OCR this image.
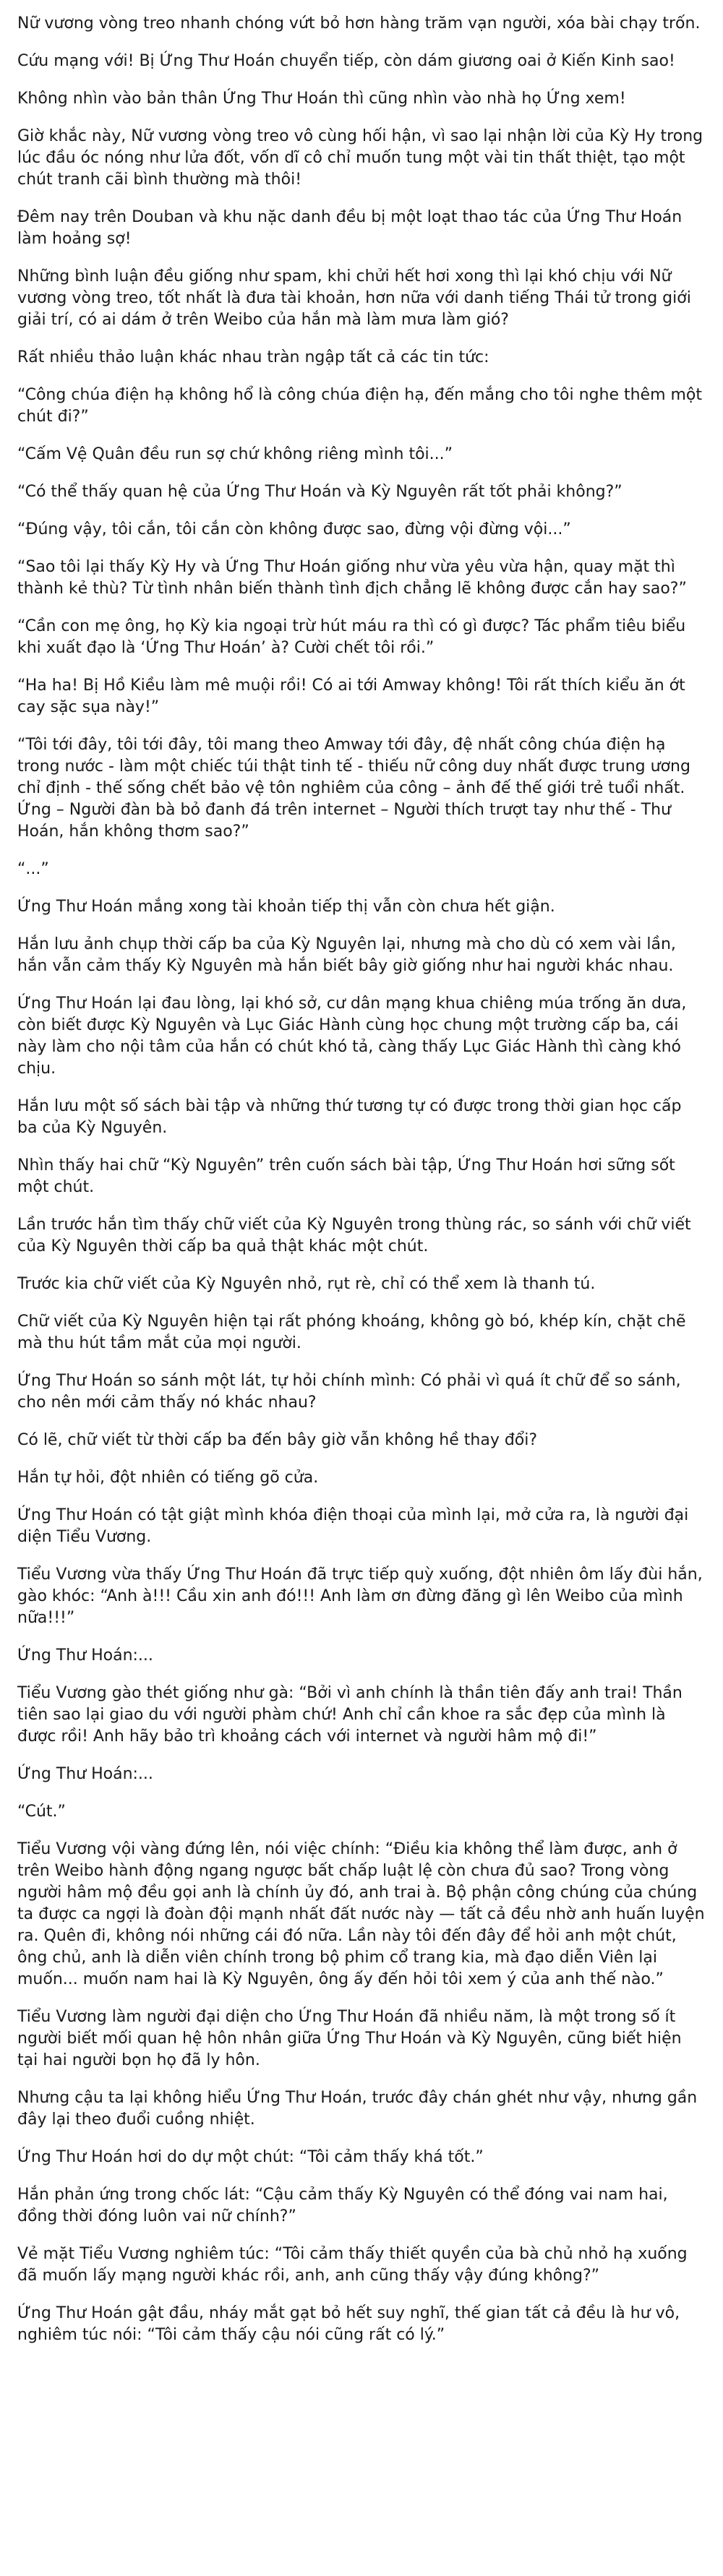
Nữ vương vòng treo nhanh chóng vứt bỏ hơn hàng trăm vạn người, xóa bài chạy trốn.

Cứu mạng với! Bị Ứng Thư Hoán chuyển tiếp, còn dám giương oai ở Kiến Kinh sao!

Không nhìn vào bản thân Ứng Thư Hoán thì cũng nhìn vào nhà họ Ứng xem!

Giờ khắc này, Nữ vương vòng treo vô cùng hối hận, vì sao lại nhận lời của Kỳ Hy trong lúc đầu óc nóng như lửa đốt, vốn dĩ cô chỉ muốn tung một vài tin thất thiệt, tạo một chút tranh cãi bình thường mà thôi!

Đêm nay trên Douban và khu nặc danh đều bị một loạt thao tác của Ứng Thư Hoán làm hoảng sợ!

Những bình luận đều giống như spam, khi chửi hết hơi xong thì lại khó chịu với Nữ vương vòng treo, tốt nhất là đưa tài khoản, hơn nữa với danh tiếng Thái tử trong giới giải trí, có ai dám ở trên Weibo của hắn mà làm mưa làm gió?

Rất nhiều thảo luận khác nhau tràn ngập tất cả các tin tức:

“Công chúa điện hạ không hổ là công chúa điện hạ, đến mắng cho tôi nghe thêm một chút đi?”

“Cấm Vệ Quân đều run sợ chứ không riêng mình tôi...”

“Có thể thấy quan hệ của Ứng Thư Hoán và Kỳ Nguyên rất tốt phải không?”

“Đúng vậy, tôi cắn, tôi cắn còn không được sao, đừng vội đừng vội...”

“Sao tôi lại thấy Kỳ Hy và Ứng Thư Hoán giống như vừa yêu vừa hận, quay mặt thì thành kẻ thù? Từ tình nhân biến thành tình địch chẳng lẽ không được cắn hay sao?”

“Cần con mẹ ông, họ Kỳ kia ngoại trừ hút máu ra thì có gì được? Tác phẩm tiêu biểu khi xuất đạo là ‘Ứng Thư Hoán’ à? Cười chết tôi rồi.”

“Ha ha! Bị Hồ Kiều làm mê muội rồi! Có ai tới Amway không! Tôi rất thích kiểu ăn ớt cay sặc sụa này!”

“Tôi tới đây, tôi tới đây, tôi mang theo Amway tới đây, đệ nhất công chúa điện hạ trong nước - làm một chiếc túi thật tinh tế - thiếu nữ công duy nhất được trung ương chỉ định - thế sống chết bảo vệ tôn nghiêm của công – ảnh đế thế giới trẻ tuổi nhất. Ứng – Người đàn bà bỏ đanh đá trên internet – Người thích trượt tay như thế - Thư Hoán, hắn không thơm sao?”

“...”

Ứng Thư Hoán mắng xong tài khoản tiếp thị vẫn còn chưa hết giận.

Hắn lưu ảnh chụp thời cấp ba của Kỳ Nguyên lại, nhưng mà cho dù có xem vài lần, hắn vẫn cảm thấy Kỳ Nguyên mà hắn biết bây giờ giống như hai người khác nhau.

Ứng Thư Hoán lại đau lòng, lại khó sở, cư dân mạng khua chiêng múa trống ăn dưa, còn biết được Kỳ Nguyên và Lục Giác Hành cùng học chung một trường cấp ba, cái này làm cho nội tâm của hắn có chút khó tả, càng thấy Lục Giác Hành thì càng khó chịu.

Hắn lưu một số sách bài tập và những thứ tương tự có được trong thời gian học cấp ba của Kỳ Nguyên.

Nhìn thấy hai chữ “Kỳ Nguyên” trên cuốn sách bài tập, Ứng Thư Hoán hơi sững sốt một chút.

Lần trước hắn tìm thấy chữ viết của Kỳ Nguyên trong thùng rác, so sánh với chữ viết của Kỳ Nguyên thời cấp ba quả thật khác một chút.

Trước kia chữ viết của Kỳ Nguyên nhỏ, rụt rè, chỉ có thể xem là thanh tú.

Chữ viết của Kỳ Nguyên hiện tại rất phóng khoáng, không gò bó, khép kín, chặt chẽ mà thu hút tầm mắt của mọi người.

Ứng Thư Hoán so sánh một lát, tự hỏi chính mình: Có phải vì quá ít chữ để so sánh, cho nên mới cảm thấy nó khác nhau?

Có lẽ, chữ viết từ thời cấp ba đến bây giờ vẫn không hề thay đổi?

Hắn tự hỏi, đột nhiên có tiếng gõ cửa.

Ứng Thư Hoán có tật giật mình khóa điện thoại của mình lại, mở cửa ra, là người đại diện Tiểu Vương.

Tiểu Vương vừa thấy Ứng Thư Hoán đã trực tiếp quỳ xuống, đột nhiên ôm lấy đùi hắn, gào khóc: “Anh à!!! Cầu xin anh đó!!! Anh làm ơn đừng đăng gì lên Weibo của mình nữa!!!”

Ứng Thư Hoán:...

Tiểu Vương gào thét giống như gà: “Bởi vì anh chính là thần tiên đấy anh trai! Thần tiên sao lại giao du với người phàm chứ! Anh chỉ cần khoe ra sắc đẹp của mình là được rồi! Anh hãy bảo trì khoảng cách với internet và người hâm mộ đi!”

Ứng Thư Hoán:...

“Cút.”

Tiểu Vương vội vàng đứng lên, nói việc chính: “Điều kia không thể làm được, anh ở trên Weibo hành động ngang ngược bất chấp luật lệ còn chưa đủ sao? Trong vòng người hâm mộ đều gọi anh là chính ủy đó, anh trai à. Bộ phận công chúng của chúng ta được ca ngợi là đoàn đội mạnh nhất đất nước này — tất cả đều nhờ anh huấn luyện ra. Quên đi, không nói những cái đó nữa. Lần này tôi đến đây để hỏi anh một chút, ông chủ, anh là diễn viên chính trong bộ phim cổ trang kia, mà đạo diễn Viên lại muốn... muốn nam hai là Kỳ Nguyên, ông ấy đến hỏi tôi xem ý của anh thế nào.”

Tiểu Vương làm người đại diện cho Ứng Thư Hoán đã nhiều năm, là một trong số ít người biết mối quan hệ hôn nhân giữa Ứng Thư Hoán và Kỳ Nguyên, cũng biết hiện tại hai người bọn họ đã ly hôn.

Nhưng cậu ta lại không hiểu Ứng Thư Hoán, trước đây chán ghét như vậy, nhưng gần đây lại theo đuổi cuồng nhiệt.

Ứng Thư Hoán hơi do dự một chút: “Tôi cảm thấy khá tốt.”

Hắn phản ứng trong chốc lát: “Cậu cảm thấy Kỳ Nguyên có thể đóng vai nam hai, đồng thời đóng luôn vai nữ chính?”

Vẻ mặt Tiểu Vương nghiêm túc: “Tôi cảm thấy thiết quyền của bà chủ nhỏ hạ xuống đã muốn lấy mạng người khác rồi, anh, anh cũng thấy vậy đúng không?”

Ứng Thư Hoán gật đầu, nháy mắt gạt bỏ hết suy nghĩ, thế gian tất cả đều là hư vô, nghiêm túc nói: “Tôi cảm thấy cậu nói cũng rất có lý.”
